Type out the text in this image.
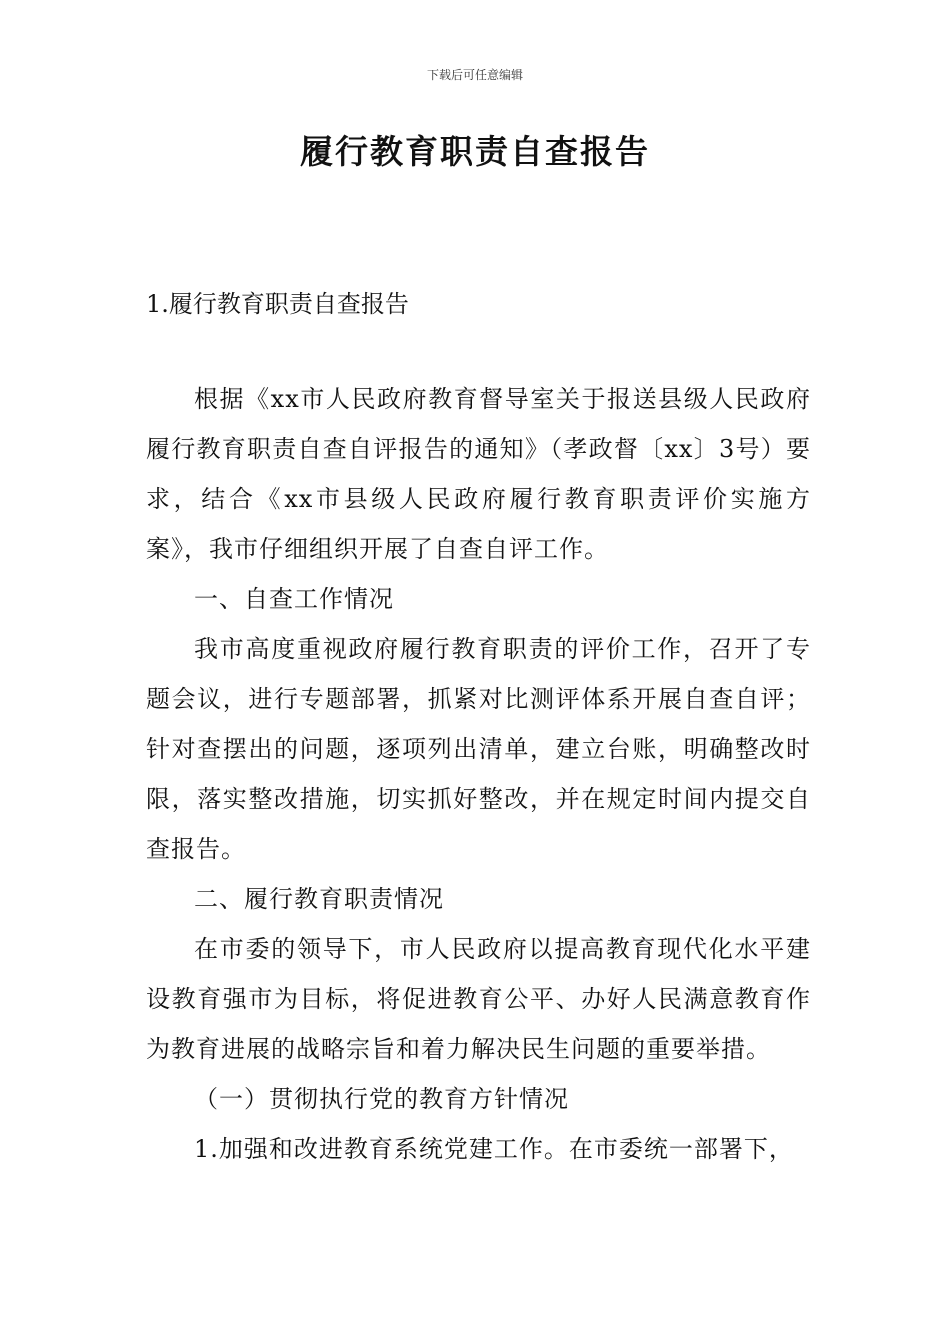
下载后可任意编辑
履行教育职责自查报告
1.履行教育职责自查报告

根据《xx市人民政府教育督导室关于报送县级人民政府履行教育职责自查自评报告的通知》（孝政督〔xx〕3号）要求，结合《xx市县级人民政府履行教育职责评价实施方案》，我市仔细组织开展了自查自评工作。

一、自查工作情况

我市高度重视政府履行教育职责的评价工作，召开了专题会议，进行专题部署，抓紧对比测评体系开展自查自评；针对查摆出的问题，逐项列出清单，建立台账，明确整改时限，落实整改措施，切实抓好整改，并在规定时间内提交自查报告。

二、履行教育职责情况

在市委的领导下，市人民政府以提高教育现代化水平建设教育强市为目标，将促进教育公平、办好人民满意教育作为教育进展的战略宗旨和着力解决民生问题的重要举措。

（一）贯彻执行党的教育方针情况

1.加强和改进教育系统党建工作。在市委统一部署下，
